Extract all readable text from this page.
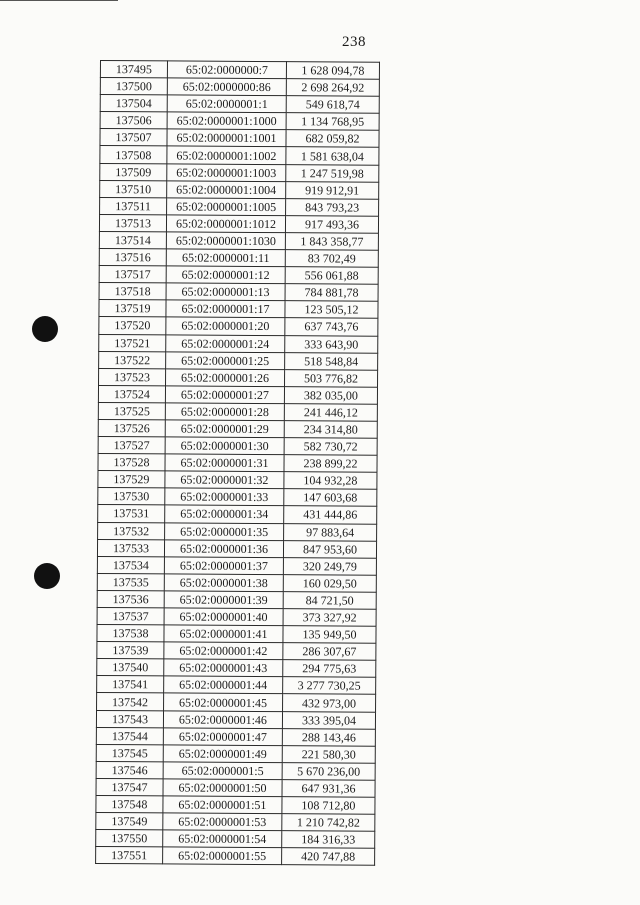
238
137495	65:02:0000000:7	1 628 094,78
137500	65:02:0000000:86	2 698 264,92
137504	65:02:0000001:1	549 618,74
137506	65:02:0000001:1000	1 134 768,95
137507	65:02:0000001:1001	682 059,82
137508	65:02:0000001:1002	1 581 638,04
137509	65:02:0000001:1003	1 247 519,98
137510	65:02:0000001:1004	919 912,91
137511	65:02:0000001:1005	843 793,23
137513	65:02:0000001:1012	917 493,36
137514	65:02:0000001:1030	1 843 358,77
137516	65:02:0000001:11	83 702,49
137517	65:02:0000001:12	556 061,88
137518	65:02:0000001:13	784 881,78
137519	65:02:0000001:17	123 505,12
137520	65:02:0000001:20	637 743,76
137521	65:02:0000001:24	333 643,90
137522	65:02:0000001:25	518 548,84
137523	65:02:0000001:26	503 776,82
137524	65:02:0000001:27	382 035,00
137525	65:02:0000001:28	241 446,12
137526	65:02:0000001:29	234 314,80
137527	65:02:0000001:30	582 730,72
137528	65:02:0000001:31	238 899,22
137529	65:02:0000001:32	104 932,28
137530	65:02:0000001:33	147 603,68
137531	65:02:0000001:34	431 444,86
137532	65:02:0000001:35	97 883,64
137533	65:02:0000001:36	847 953,60
137534	65:02:0000001:37	320 249,79
137535	65:02:0000001:38	160 029,50
137536	65:02:0000001:39	84 721,50
137537	65:02:0000001:40	373 327,92
137538	65:02:0000001:41	135 949,50
137539	65:02:0000001:42	286 307,67
137540	65:02:0000001:43	294 775,63
137541	65:02:0000001:44	3 277 730,25
137542	65:02:0000001:45	432 973,00
137543	65:02:0000001:46	333 395,04
137544	65:02:0000001:47	288 143,46
137545	65:02:0000001:49	221 580,30
137546	65:02:0000001:5	5 670 236,00
137547	65:02:0000001:50	647 931,36
137548	65:02:0000001:51	108 712,80
137549	65:02:0000001:53	1 210 742,82
137550	65:02:0000001:54	184 316,33
137551	65:02:0000001:55	420 747,88
